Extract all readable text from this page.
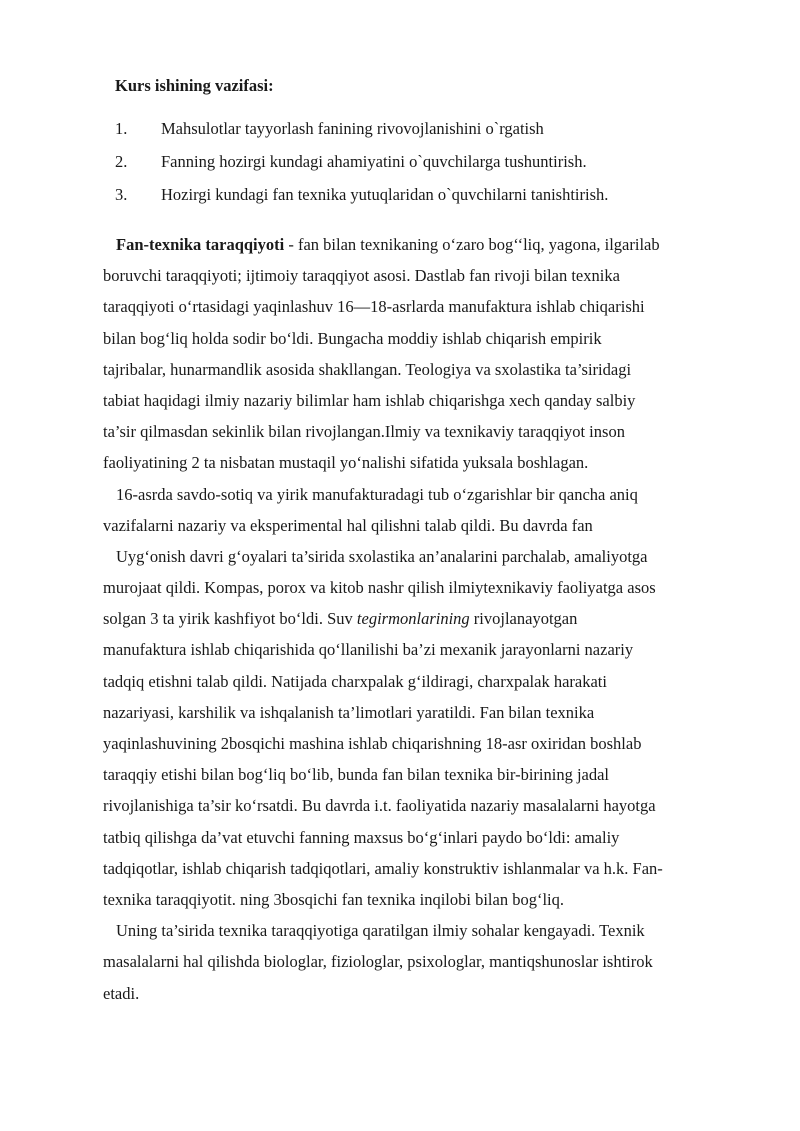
Kurs ishining vazifasi:

1.	Mahsulotlar tayyorlash fanining rivovojlanishini o`rgatish
2.	Fanning hozirgi kundagi ahamiyatini o`quvchilarga tushuntirish.
3.	Hozirgi kundagi fan texnika yutuqlaridan o`quvchilarni tanishtirish.
Fan-texnika taraqqiyoti - fan bilan texnikaning o‘zaro bog‘‘liq, yagona, ilgarilab
boruvchi taraqqiyoti; ijtimoiy taraqqiyot asosi. Dastlab fan rivoji bilan texnika
taraqqiyoti o‘rtasidagi yaqinlashuv 16—18-asrlarda manufaktura ishlab chiqarishi
bilan bog‘liq holda sodir bo‘ldi. Bungacha moddiy ishlab chiqarish empirik
tajribalar, hunarmandlik asosida shakllangan. Teologiya va sxolastika ta’siridagi
tabiat haqidagi ilmiy nazariy bilimlar ham ishlab chiqarishga xech qanday salbiy
ta’sir qilmasdan sekinlik bilan rivojlangan.Ilmiy va texnikaviy taraqqiyot inson
faoliyatining 2 ta nisbatan mustaqil yo‘nalishi sifatida yuksala boshlagan.
16-asrda savdo-sotiq va yirik manufakturadagi tub o‘zgarishlar bir qancha aniq
vazifalarni nazariy va eksperimental hal qilishni talab qildi. Bu davrda fan
Uyg‘onish davri g‘oyalari ta’sirida sxolastika an’analarini parchalab, amaliyotga
murojaat qildi. Kompas, porox va kitob nashr qilish ilmiytexnikaviy faoliyatga asos
solgan 3 ta yirik kashfiyot bo‘ldi. Suv tegirmonlarining rivojlanayotgan
manufaktura ishlab chiqarishida qo‘llanilishi ba’zi mexanik jarayonlarni nazariy
tadqiq etishni talab qildi. Natijada charxpalak g‘ildiragi, charxpalak harakati
nazariyasi, karshilik va ishqalanish ta’limotlari yaratildi. Fan bilan texnika
yaqinlashuvining 2bosqichi mashina ishlab chiqarishning 18-asr oxiridan boshlab
taraqqiy etishi bilan bog‘liq bo‘lib, bunda fan bilan texnika bir-birining jadal
rivojlanishiga ta’sir ko‘rsatdi. Bu davrda i.t. faoliyatida nazariy masalalarni hayotga
tatbiq qilishga da’vat etuvchi fanning maxsus bo‘g‘inlari paydo bo‘ldi: amaliy
tadqiqotlar, ishlab chiqarish tadqiqotlari, amaliy konstruktiv ishlanmalar va h.k. Fan-
texnika taraqqiyotit. ning 3bosqichi fan texnika inqilobi bilan bog‘liq.
Uning ta’sirida texnika taraqqiyotiga qaratilgan ilmiy sohalar kengayadi. Texnik
masalalarni hal qilishda biologlar, fiziologlar, psixologlar, mantiqshunoslar ishtirok
etadi.
